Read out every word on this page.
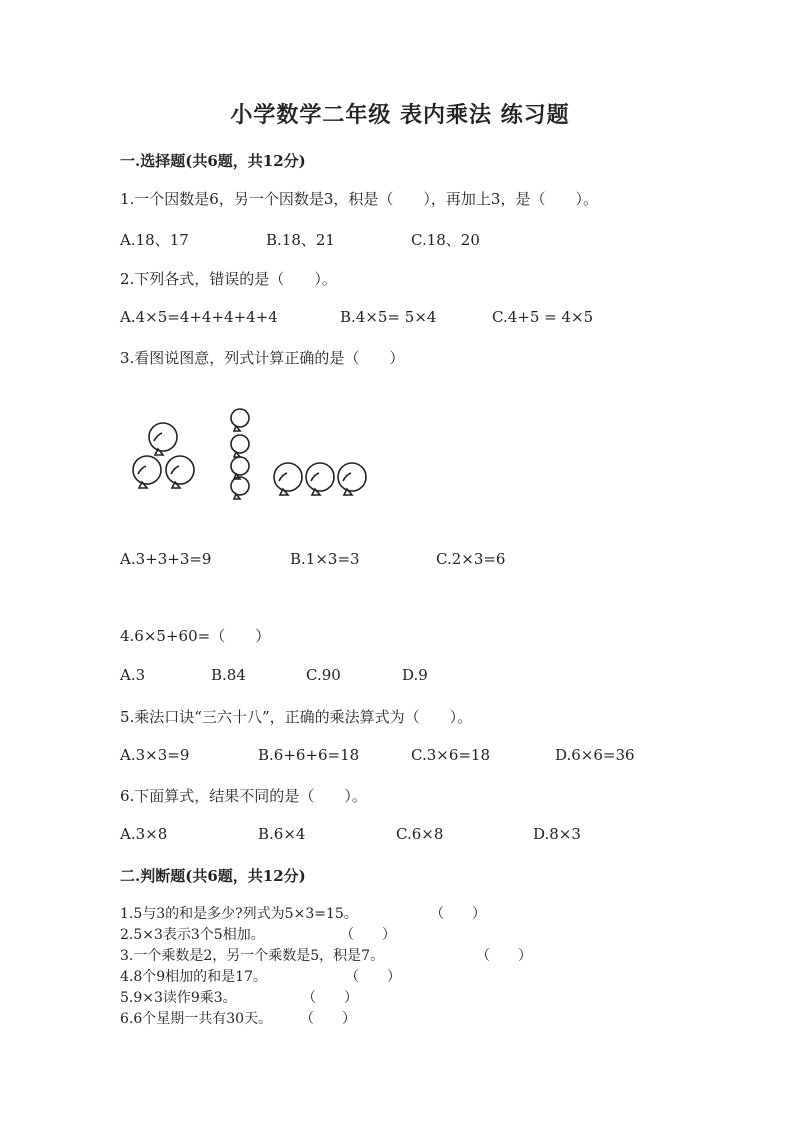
小学数学二年级 表内乘法 练习题
一.选择题(共6题，共12分)
1.一个因数是6，另一个因数是3，积是（　　），再加上3，是（　　）。
A.18、17	B.18、21	C.18、20
2.下列各式，错误的是（　　）。
A.4×5=4+4+4+4+4	B.4×5= 5×4	C.4+5 = 4×5
3.看图说图意，列式计算正确的是（　　）
A.3+3+3=9	B.1×3=3	C.2×3=6
4.6×5+60=（　　）
A.3	B.84	C.90	D.9
5.乘法口诀“三六十八”，正确的乘法算式为（　　）。
A.3×3=9	B.6+6+6=18	C.3×6=18	D.6×6=36
6.下面算式，结果不同的是（　　）。
A.3×8	B.6×4	C.6×8	D.8×3
二.判断题(共6题，共12分)
1.5与3的和是多少?列式为5×3=15。	（　　）
2.5×3表示3个5相加。	（　　）
3.一个乘数是2，另一个乘数是5，积是7。	（　　）
4.8个9相加的和是17。	（　　）
5.9×3读作9乘3。	（　　）
6.6个星期一共有30天。 （　　）
